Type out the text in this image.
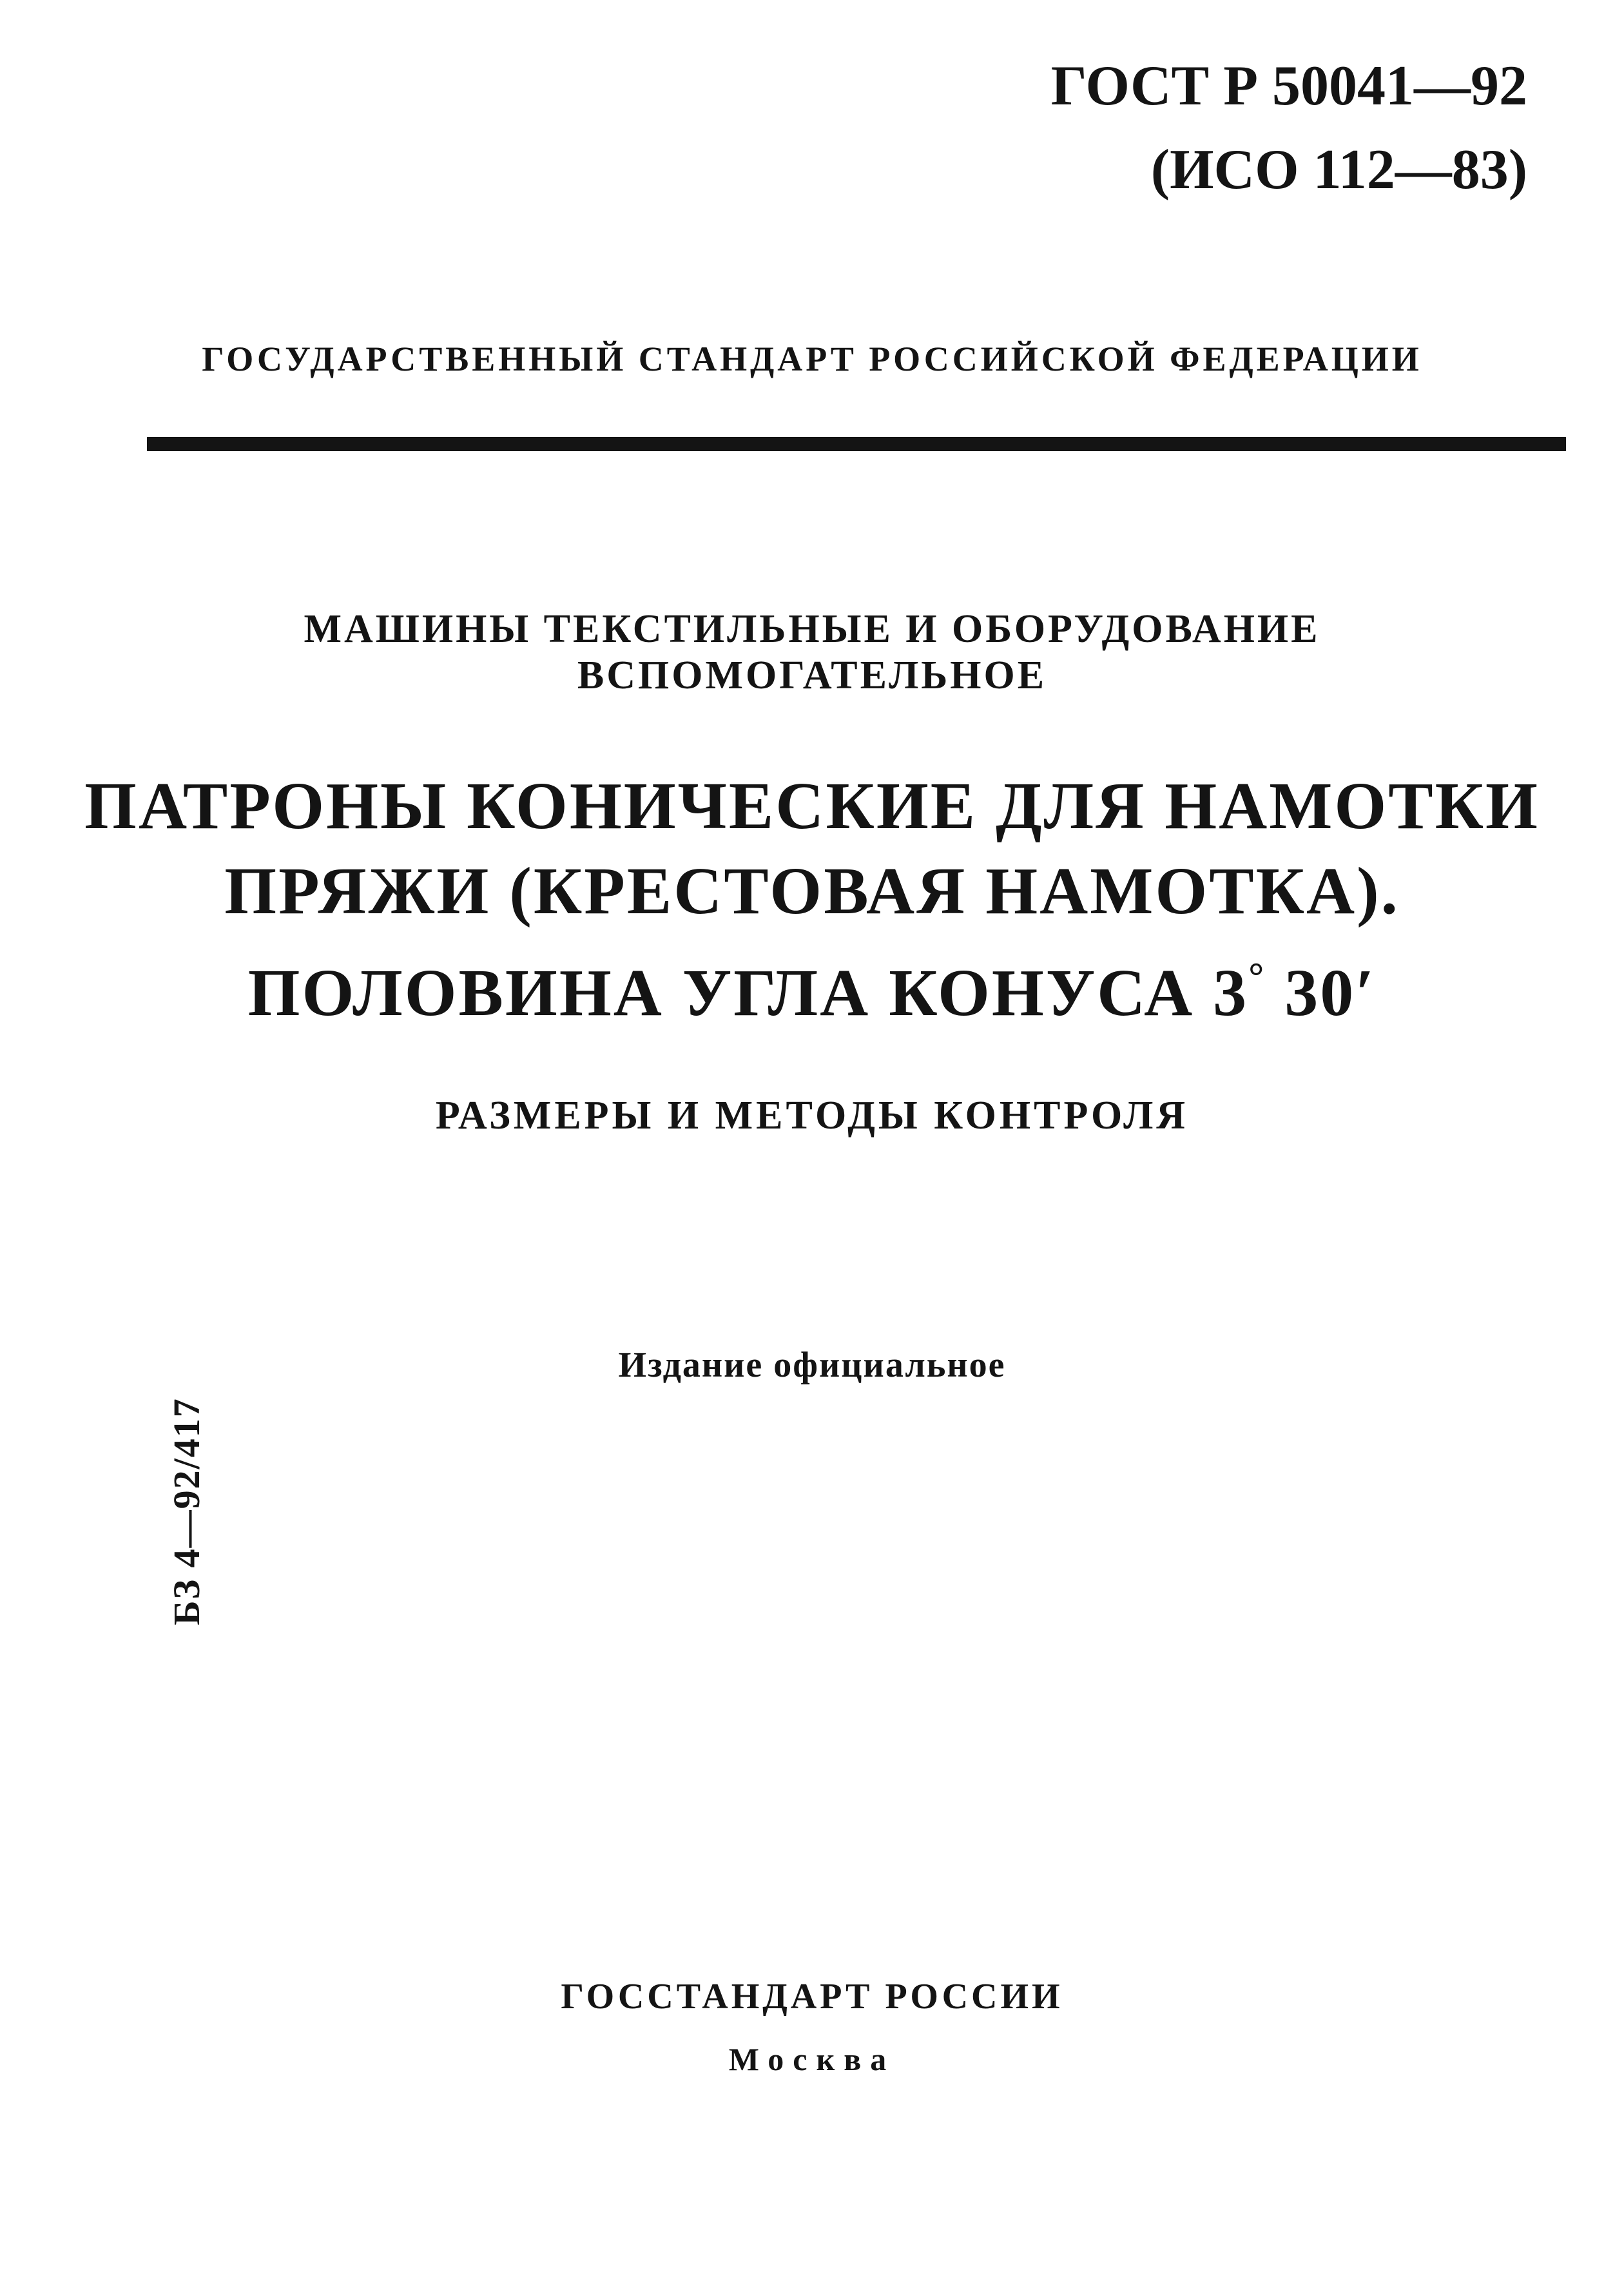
ГОСТ Р 50041—92
(ИСО 112—83)
ГОСУДАРСТВЕННЫЙ СТАНДАРТ РОССИЙСКОЙ ФЕДЕРАЦИИ
МАШИНЫ ТЕКСТИЛЬНЫЕ И ОБОРУДОВАНИЕ
ВСПОМОГАТЕЛЬНОЕ
ПАТРОНЫ КОНИЧЕСКИЕ ДЛЯ НАМОТКИ
ПРЯЖИ (КРЕСТОВАЯ НАМОТКА).
ПОЛОВИНА УГЛА КОНУСА 3° 30′
РАЗМЕРЫ И МЕТОДЫ КОНТРОЛЯ
Издание официальное
БЗ 4—92/417
ГОССТАНДАРТ РОССИИ
Москва
